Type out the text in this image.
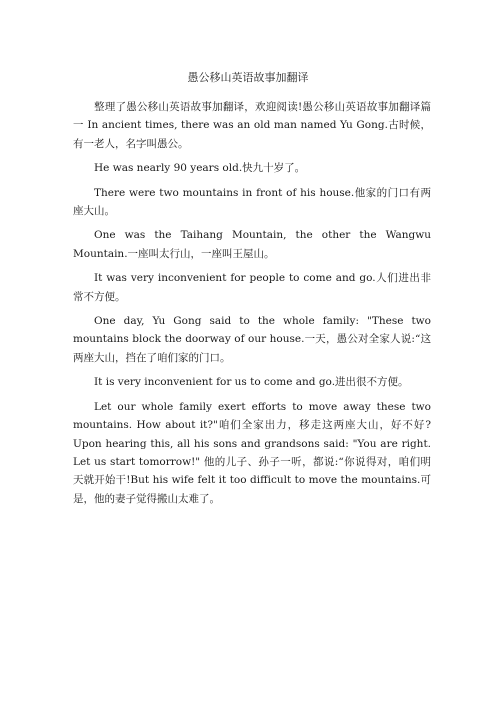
愚公移山英语故事加翻译

整理了愚公移山英语故事加翻译，欢迎阅读!愚公移山英语故事加翻译篇一 In ancient times, there was an old man named Yu Gong.古时候，有一老人，名字叫愚公。

He was nearly 90 years old.快九十岁了。

There were two mountains in front of his house.他家的门口有两座大山。

One was the Taihang Mountain, the other the Wangwu Mountain.一座叫太行山，一座叫王屋山。

It was very inconvenient for people to come and go.人们进出非常不方便。

One day, Yu Gong said to the whole family: "These two mountains block the doorway of our house.一天，愚公对全家人说:“这两座大山，挡在了咱们家的门口。

It is very inconvenient for us to come and go.进出很不方便。

Let our whole family exert efforts to move away these two mountains. How about it?"咱们全家出力，移走这两座大山，好不好?Upon hearing this, all his sons and grandsons said: "You are right. Let us start tomorrow!" 他的儿子、孙子一听，都说:“你说得对，咱们明天就开始干!But his wife felt it too difficult to move the mountains.可是，他的妻子觉得搬山太难了。
